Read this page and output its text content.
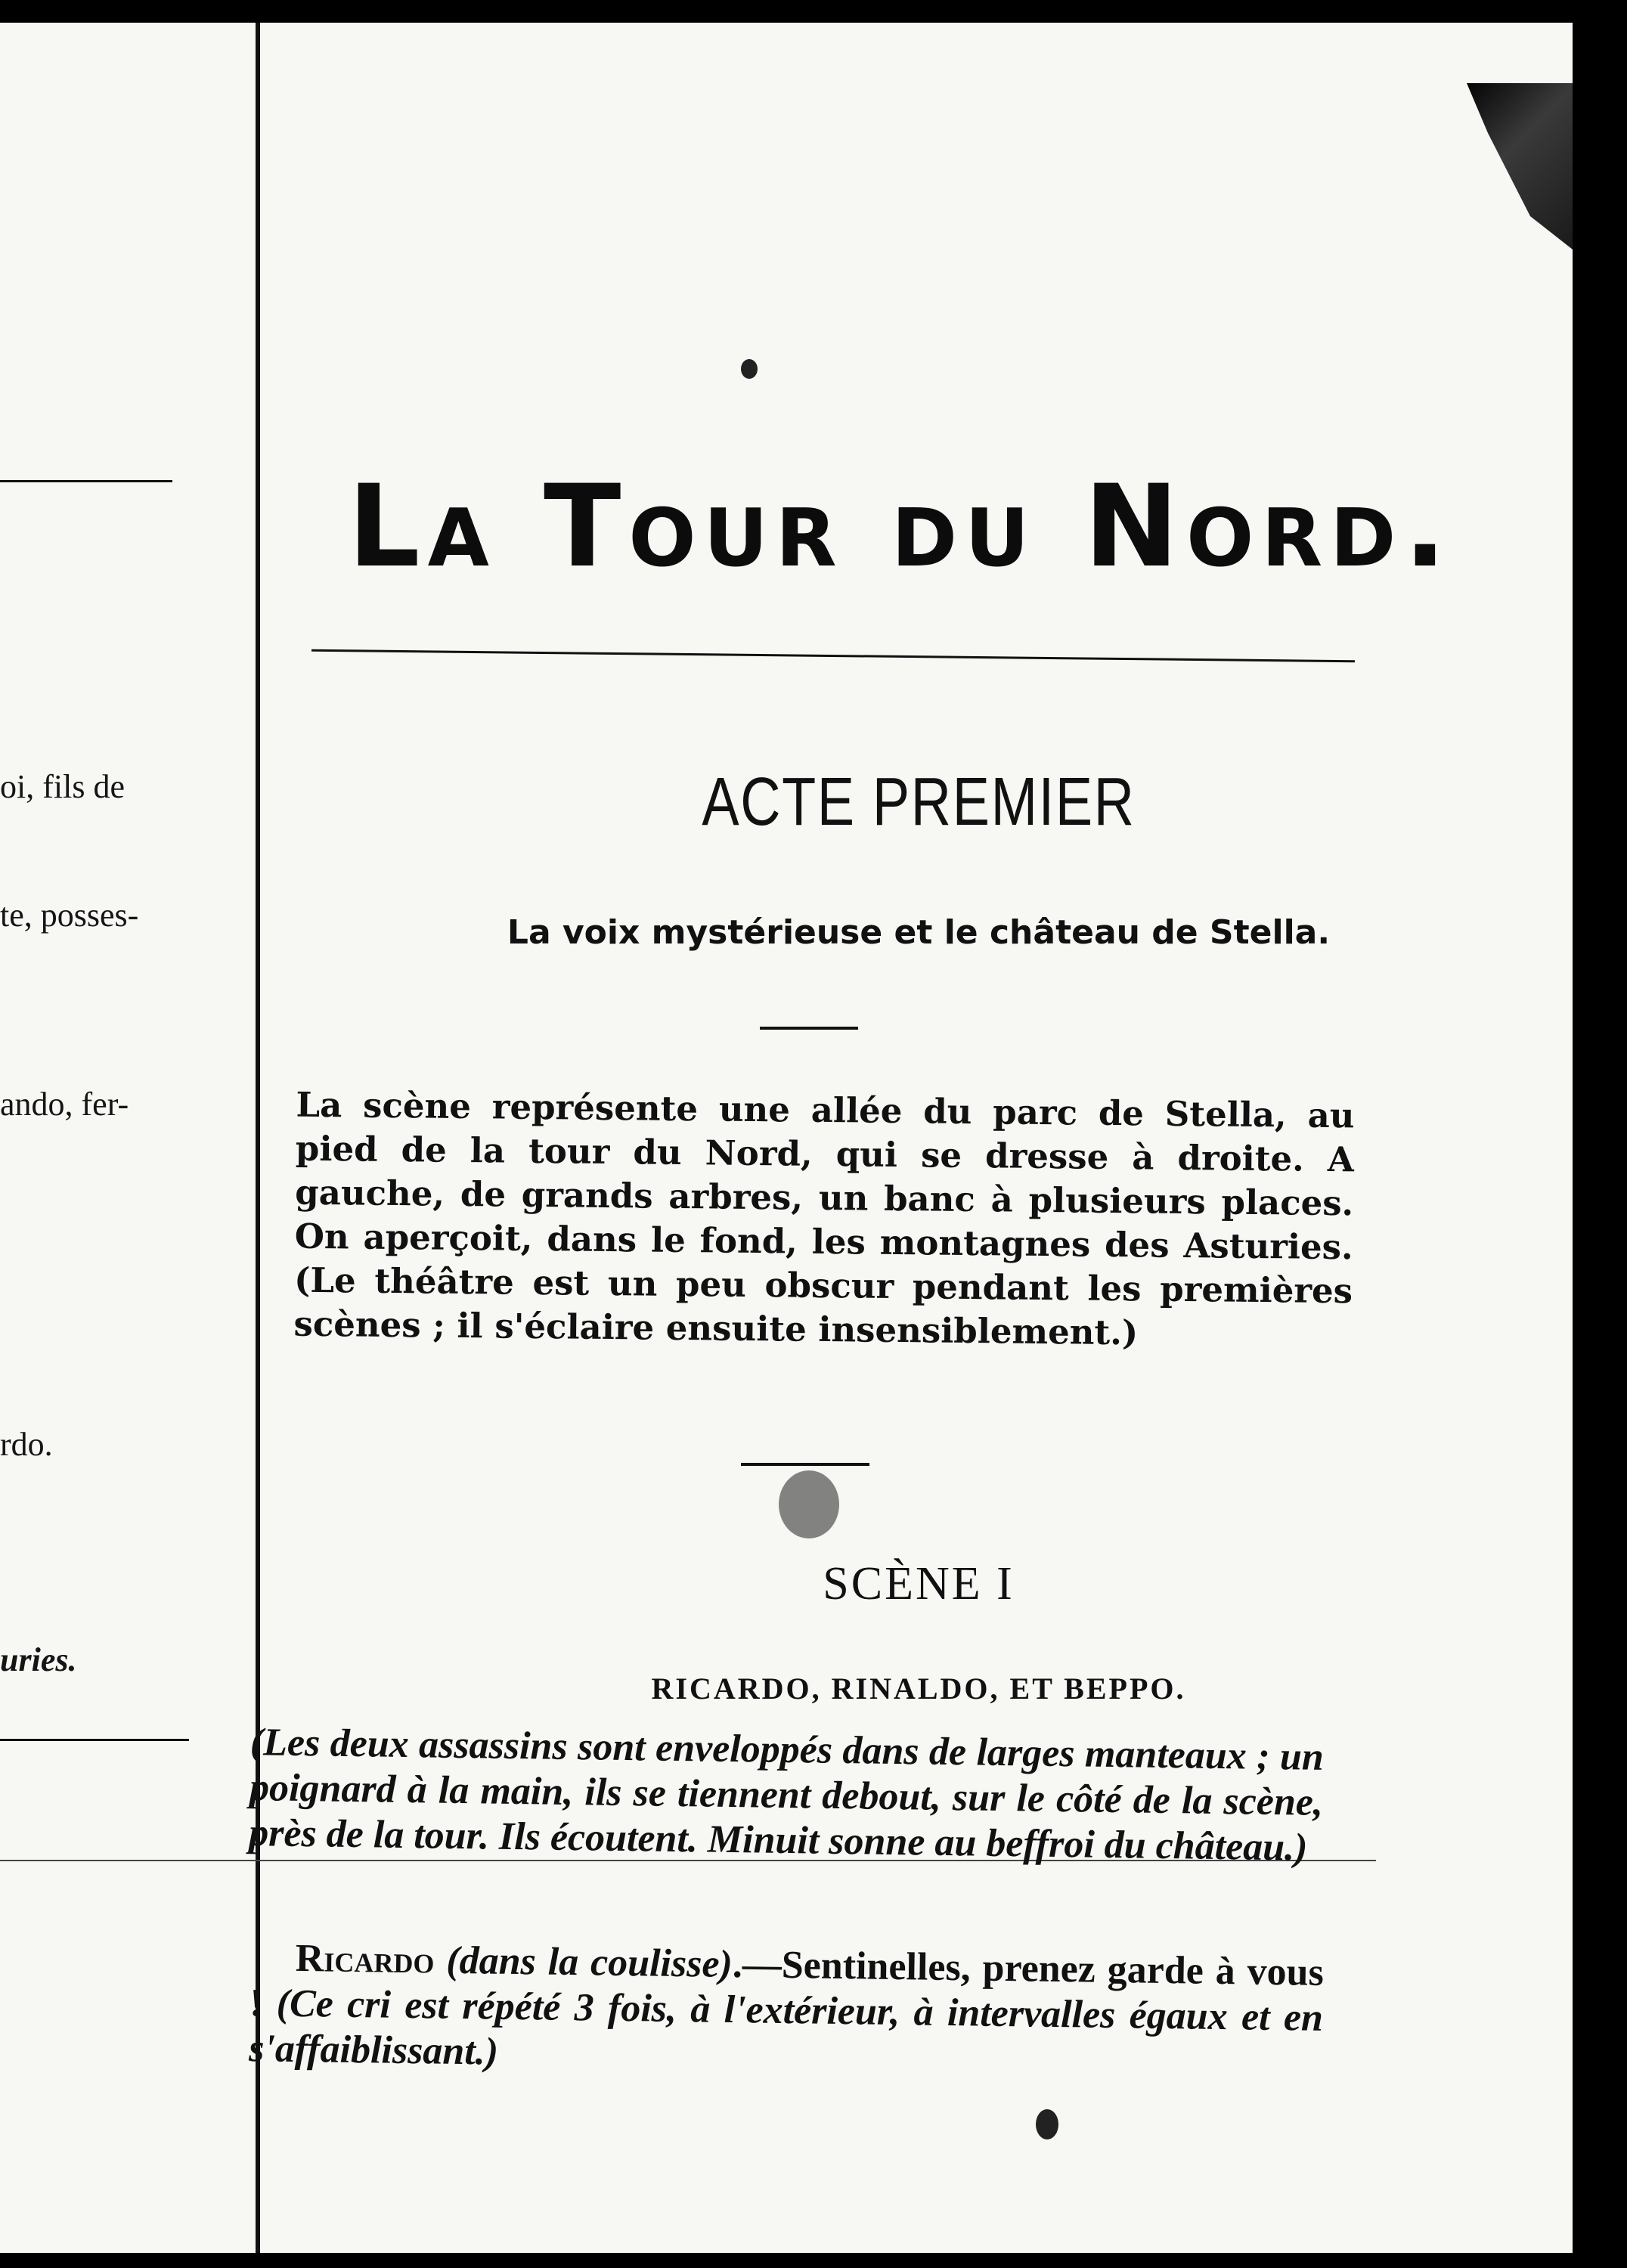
oi, fils de
te, posses-
ando, fer-
rdo.
uries.
La Tour du Nord.
ACTE PREMIER
La voix mystérieuse et le château de Stella.
La scène représente une allée du parc de Stella, au pied de la tour du Nord, qui se dresse à droite. A gauche, de grands arbres, un banc à plusieurs places. On aperçoit, dans le fond, les montagnes des Asturies. (Le théâtre est un peu obscur pendant les premières scènes ; il s'éclaire ensuite insensiblement.)
SCÈNE I
RICARDO, RINALDO, ET BEPPO.
(Les deux assassins sont enveloppés dans de larges manteaux ; un poignard à la main, ils se tiennent debout, sur le côté de la scène, près de la tour. Ils écoutent. Minuit sonne au beffroi du château.)
Ricardo (dans la coulisse).—Sentinelles, prenez garde à vous ! (Ce cri est répété 3 fois, à l'extérieur, à intervalles égaux et en s'affaiblissant.)
